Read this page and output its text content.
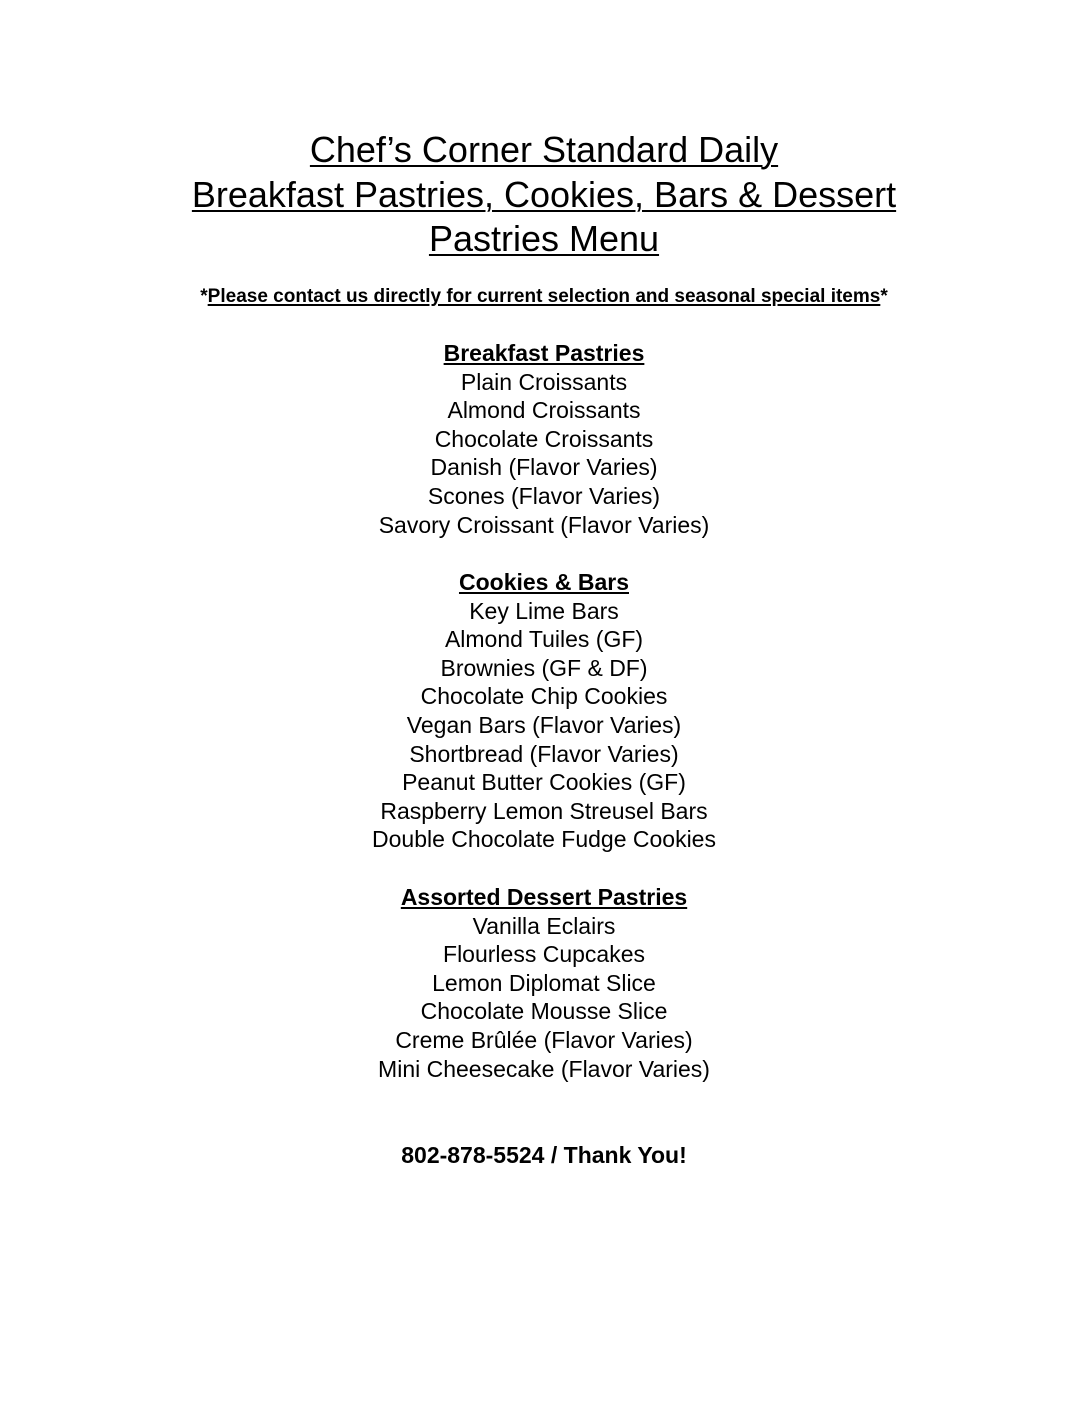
Chef’s Corner Standard Daily
Breakfast Pastries, Cookies, Bars & Dessert
Pastries Menu

*Please contact us directly for current selection and seasonal special items*

Breakfast Pastries
Plain Croissants
Almond Croissants
Chocolate Croissants
Danish (Flavor Varies)
Scones (Flavor Varies)
Savory Croissant (Flavor Varies)
Cookies & Bars
Key Lime Bars
Almond Tuiles (GF)
Brownies (GF & DF)
Chocolate Chip Cookies
Vegan Bars (Flavor Varies)
Shortbread (Flavor Varies)
Peanut Butter Cookies (GF)
Raspberry Lemon Streusel Bars
Double Chocolate Fudge Cookies
Assorted Dessert Pastries
Vanilla Eclairs
Flourless Cupcakes
Lemon Diplomat Slice
Chocolate Mousse Slice
Creme Brûlée (Flavor Varies)
Mini Cheesecake (Flavor Varies)
802-878-5524 / Thank You!
